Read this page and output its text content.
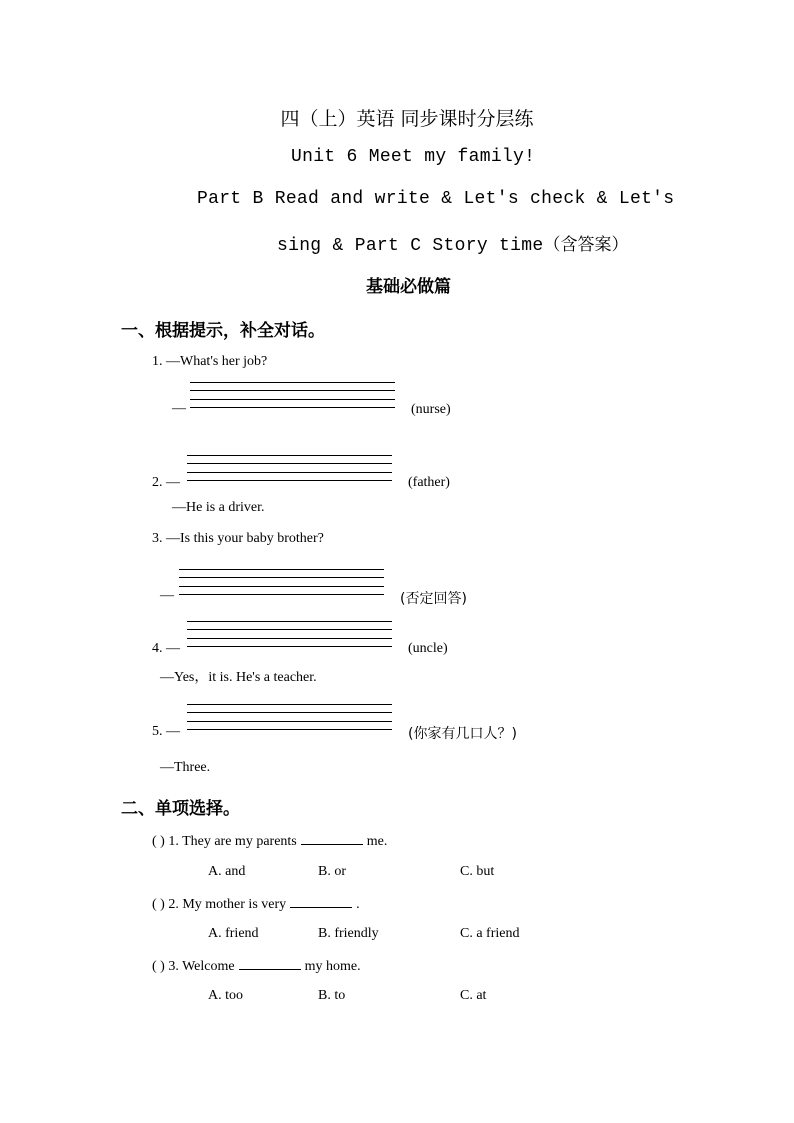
四（上）英语 同步课时分层练
Unit 6 Meet my family!
Part B Read and write & Let's check & Let's
sing & Part C Story time（含答案）
基础必做篇
一、根据提示，补全对话。
1. —What's her job?
—	(nurse)
2. —	(father)
—He is a driver.
3. —Is this your baby brother?
—	(否定回答)
4. —	(uncle)
—Yes，it is. He's a teacher.
5. —	(你家有几口人？)
—Three.
二、单项选择。
( ) 1. They are my parents	me.
A. and	B. or	C. but
( ) 2. My mother is very	.
A. friend	B. friendly	C. a friend
( ) 3. Welcome	my home.
A. too	B. to	C. at
